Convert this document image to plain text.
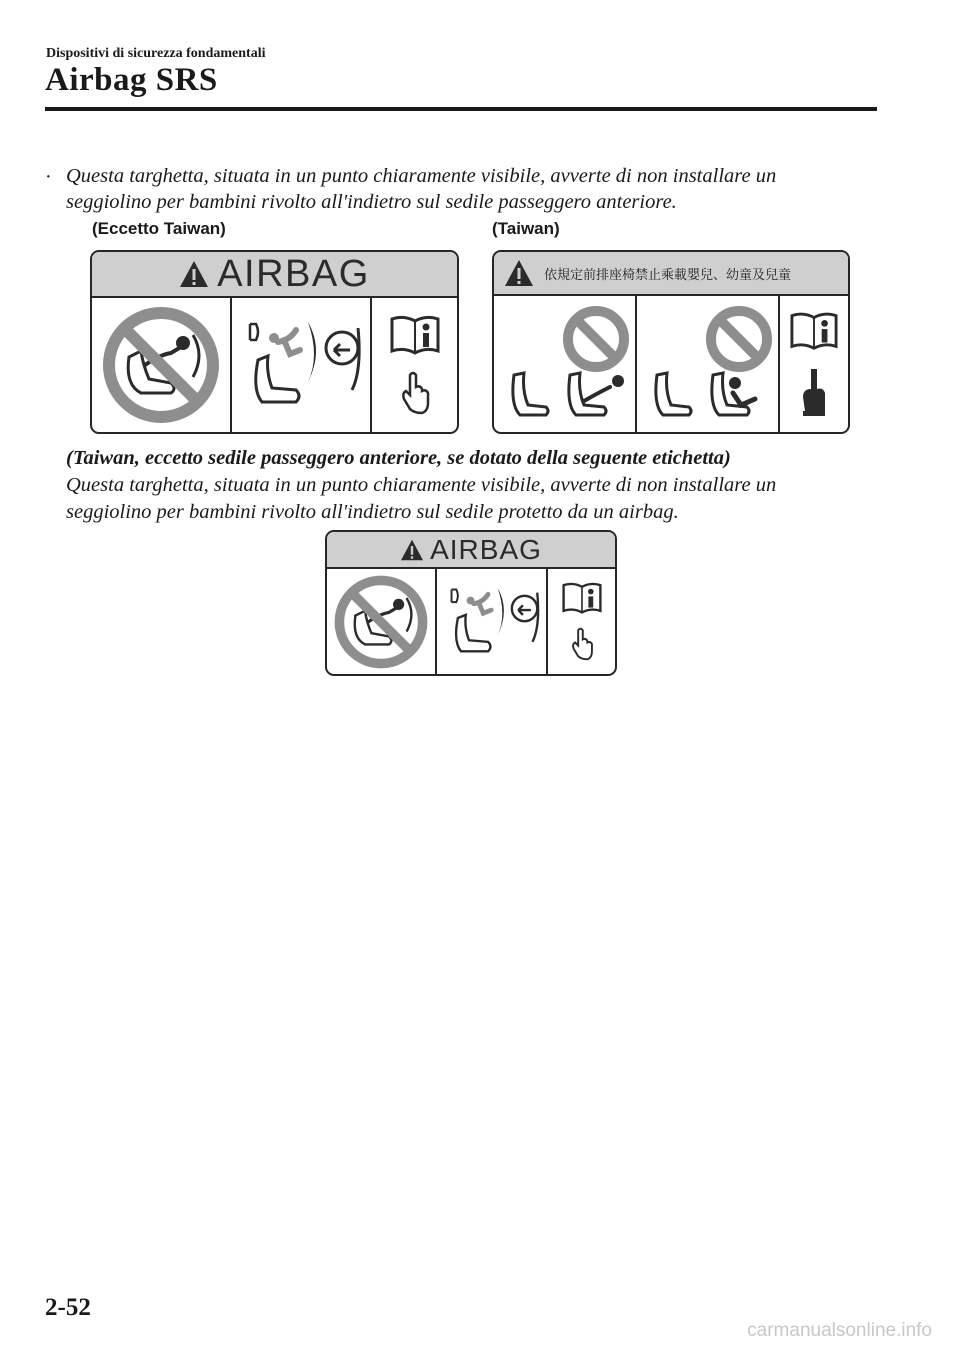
Dispositivi di sicurezza fondamentali
Airbag SRS
· Questa targhetta, situata in un punto chiaramente visibile, avverte di non installare un
seggiolino per bambini rivolto all'indietro sul sedile passeggero anteriore.
(Eccetto Taiwan)	(Taiwan)
AIRBAG	依規定前排座椅禁止乘載嬰兒、幼童及兒童
(Taiwan, eccetto sedile passeggero anteriore, se dotato della seguente etichetta)
Questa targhetta, situata in un punto chiaramente visibile, avverte di non installare un
seggiolino per bambini rivolto all'indietro sul sedile protetto da un airbag.
AIRBAG
2-52
carmanualsonline.info
